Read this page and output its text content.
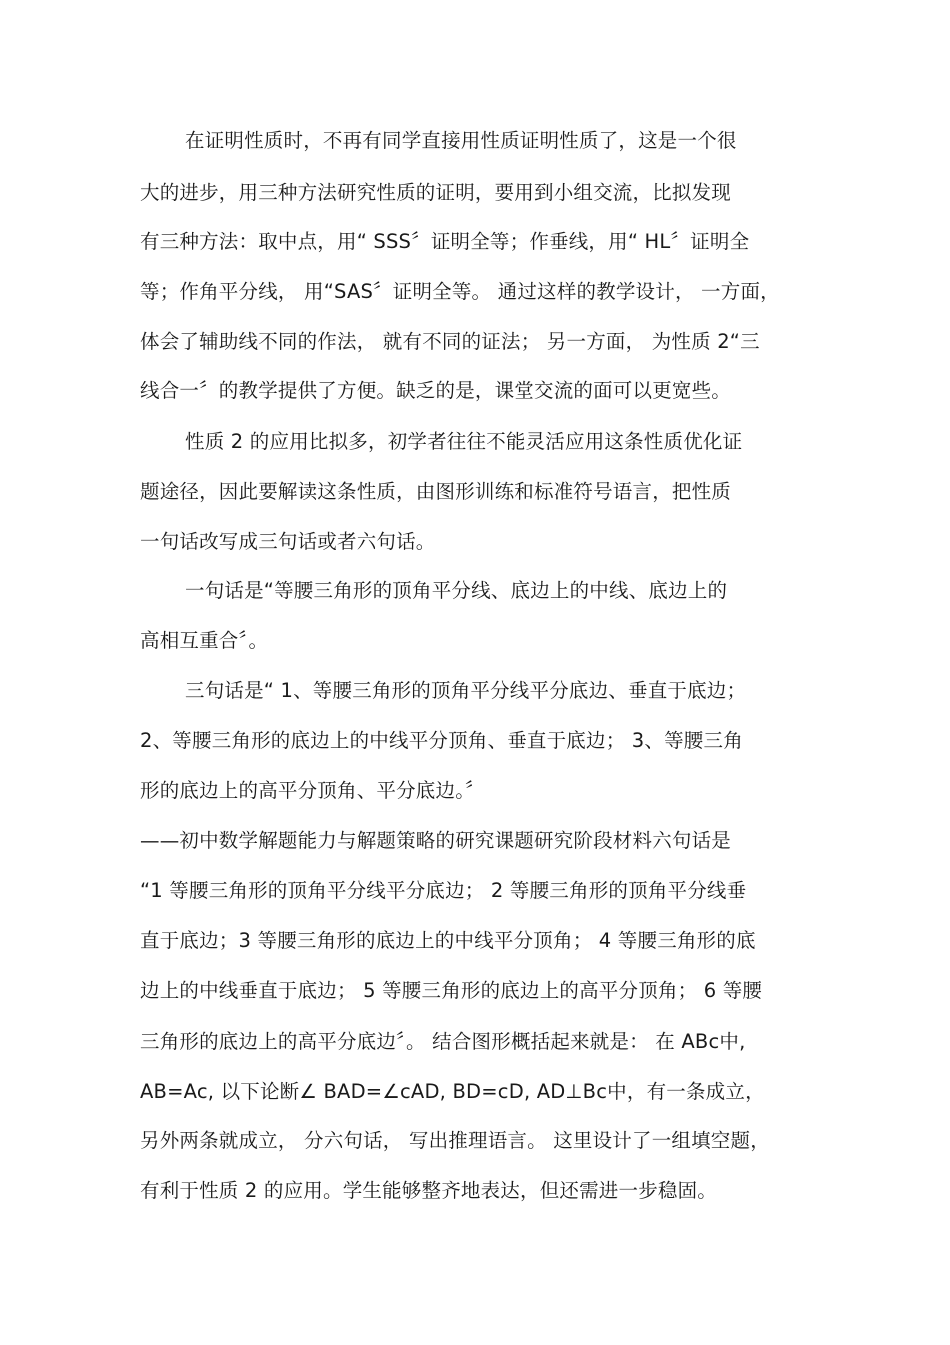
在证明性质时，不再有同学直接用性质证明性质了，这是一个很
大的进步，用三种方法研究性质的证明，要用到小组交流，比拟发现
有三种方法：取中点，用“ SSS〞证明全等；作垂线，用“ HL〞证明全
等；作角平分线， 用“SAS〞证明全等。 通过这样的教学设计， 一方面，
体会了辅助线不同的作法， 就有不同的证法； 另一方面， 为性质 2“三
线合一〞的教学提供了方便。缺乏的是，课堂交流的面可以更宽些。
性质 2 的应用比拟多，初学者往往不能灵活应用这条性质优化证
题途径，因此要解读这条性质，由图形训练和标准符号语言，把性质
一句话改写成三句话或者六句话。
一句话是“等腰三角形的顶角平分线、底边上的中线、底边上的
高相互重合〞。
三句话是“ 1、等腰三角形的顶角平分线平分底边、垂直于底边；
2、等腰三角形的底边上的中线平分顶角、垂直于底边； 3、等腰三角
形的底边上的高平分顶角、平分底边。〞
——初中数学解题能力与解题策略的研究课题研究阶段材料六句话是
“1 等腰三角形的顶角平分线平分底边； 2 等腰三角形的顶角平分线垂
直于底边；3 等腰三角形的底边上的中线平分顶角； 4 等腰三角形的底
边上的中线垂直于底边； 5 等腰三角形的底边上的高平分顶角； 6 等腰
三角形的底边上的高平分底边〞。 结合图形概括起来就是： 在 ABc中,
AB=Ac, 以下论断∠ BAD=∠cAD, BD=cD, AD⊥Bc中，有一条成立，
另外两条就成立， 分六句话， 写出推理语言。 这里设计了一组填空题，
有利于性质 2 的应用。学生能够整齐地表达，但还需进一步稳固。
